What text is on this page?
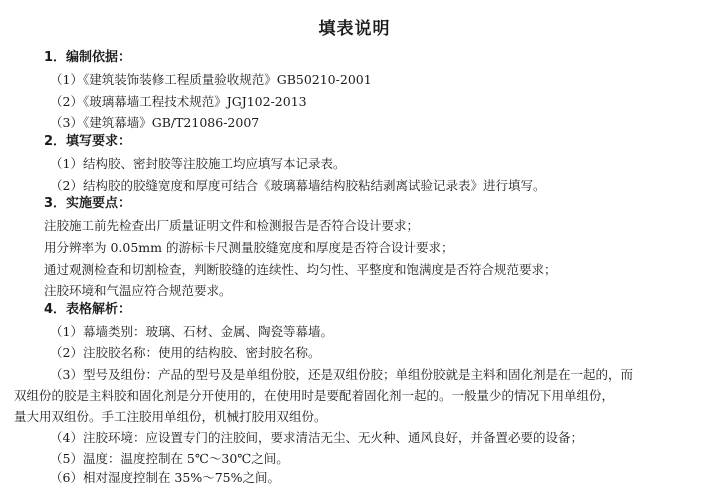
填表说明
1．编制依据：
（1）《建筑装饰装修工程质量验收规范》GB50210-2001
（2）《玻璃幕墙工程技术规范》JGJ102-2013
（3）《建筑幕墙》GB/T21086-2007
2．填写要求：
（1）结构胶、密封胶等注胶施工均应填写本记录表。
（2）结构胶的胶缝宽度和厚度可结合《玻璃幕墙结构胶粘结剥离试验记录表》进行填写。
3．实施要点：
注胶施工前先检查出厂质量证明文件和检测报告是否符合设计要求；
用分辨率为 0.05mm 的游标卡尺测量胶缝宽度和厚度是否符合设计要求；
通过观测检查和切割检查，判断胶缝的连续性、均匀性、平整度和饱满度是否符合规范要求；
注胶环境和气温应符合规范要求。
4．表格解析：
（1）幕墙类别：玻璃、石材、金属、陶瓷等幕墙。
（2）注胶胶名称：使用的结构胶、密封胶名称。
（3）型号及组份：产品的型号及是单组份胶，还是双组份胶；单组份胶就是主料和固化剂是在一起的，而
双组份的胶是主料胶和固化剂是分开使用的，在使用时是要配着固化剂一起的。一般量少的情况下用单组份，
量大用双组份。手工注胶用单组份，机械打胶用双组份。
（4）注胶环境：应设置专门的注胶间，要求清洁无尘、无火种、通风良好，并备置必要的设备；
（5）温度：温度控制在 5℃～30℃之间。
（6）相对湿度控制在 35%～75%之间。
